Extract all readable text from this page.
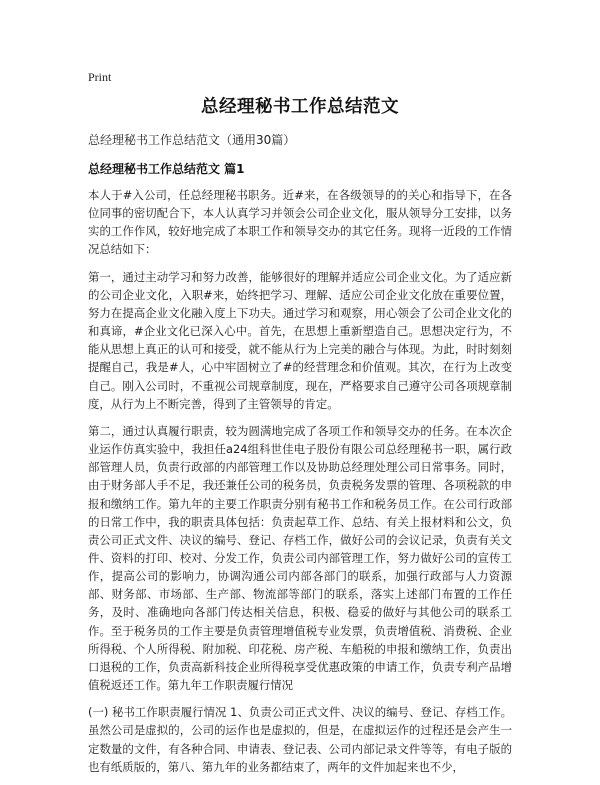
Print
总经理秘书工作总结范文
总经理秘书工作总结范文（通用30篇）
总经理秘书工作总结范文 篇1

本人于#入公司，任总经理秘书职务。近#来，在各级领导的的关心和指导下，在各位同事的密切配合下，本人认真学习并领会公司企业文化，服从领导分工安排，以务实的工作作风，较好地完成了本职工作和领导交办的其它任务。现将一近段的工作情况总结如下：

第一，通过主动学习和努力改善，能够很好的理解并适应公司企业文化。为了适应新的公司企业文化，入职#来，始终把学习、理解、适应公司企业文化放在重要位置，努力在提高企业文化融入度上下功夫。通过学习和观察，用心领会了公司企业文化的和真谛，#企业文化已深入心中。首先，在思想上重新塑造自己。思想决定行为，不能从思想上真正的认可和接受，就不能从行为上完美的融合与体现。为此，时时刻刻提醒自己，我是#人，心中牢固树立了#的经营理念和价值观。其次，在行为上改变自己。刚入公司时，不重视公司规章制度，现在，严格要求自己遵守公司各项规章制度，从行为上不断完善，得到了主管领导的肯定。

第二，通过认真履行职责，较为圆满地完成了各项工作和领导交办的任务。在本次企业运作仿真实验中，我担任a24组科世佳电子股份有限公司总经理秘书一职，属行政部管理人员，负责行政部的内部管理工作以及协助总经理处理公司日常事务。同时，由于财务部人手不足，我还兼任公司的税务员，负责税务发票的管理、各项税款的申报和缴纳工作。第九年的主要工作职责分别有秘书工作和税务员工作。在公司行政部的日常工作中，我的职责具体包括：负责起草工作、总结、有关上报材料和公文，负责公司正式文件、决议的编号、登记、存档工作，做好公司的会议记录，负责有关文件、资料的打印、校对、分发工作，负责公司内部管理工作，努力做好公司的宣传工作，提高公司的影响力，协调沟通公司内部各部门的联系，加强行政部与人力资源部、财务部、市场部、生产部、物流部等部门的联系，落实上述部门布置的工作任务，及时、准确地向各部门传达相关信息，积极、稳妥的做好与其他公司的联系工作。至于税务员的工作主要是负责管理增值税专业发票，负责增值税、消费税、企业所得税、个人所得税、附加税、印花税、房产税、车船税的申报和缴纳工作，负责出口退税的工作，负责高新科技企业所得税享受优惠政策的申请工作，负责专利产品增值税返还工作。第九年工作职责履行情况

(一) 秘书工作职责履行情况 1、负责公司正式文件、决议的编号、登记、存档工作。虽然公司是虚拟的，公司的运作也是虚拟的，但是，在虚拟运作的过程还是会产生一定数量的文件，有各种合同、申请表、登记表、公司内部记录文件等等，有电子版的也有纸质版的，第八、第九年的业务都结束了，两年的文件加起来也不少，
